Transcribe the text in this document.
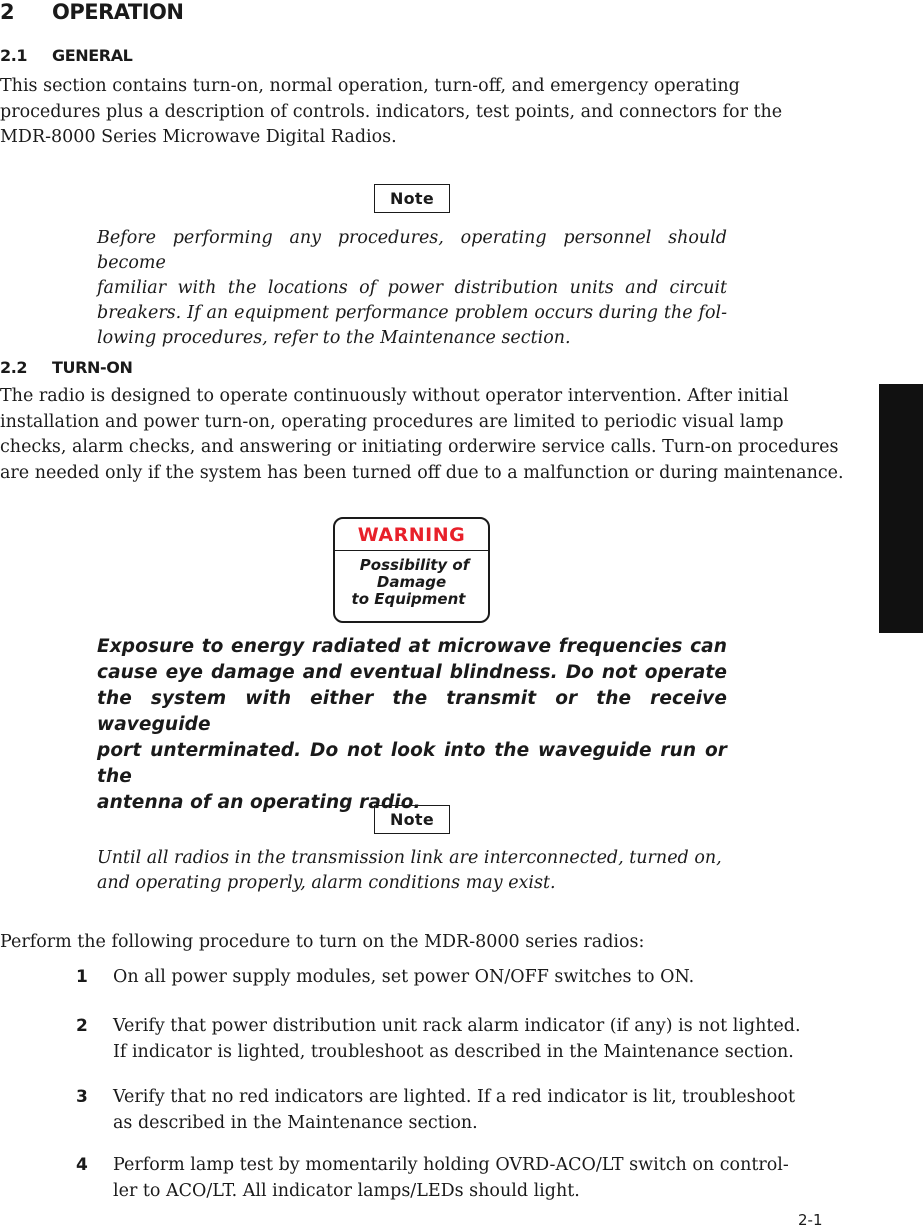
2 OPERATION
2.1 GENERAL
This section contains turn-on, normal operation, turn-off, and emergency operating
procedures plus a description of controls. indicators, test points, and connectors for the
MDR-8000 Series Microwave Digital Radios.
Note
Before performing any procedures, operating personnel should become
familiar with the locations of power distribution units and circuit
breakers. If an equipment performance problem occurs during the fol-
lowing procedures, refer to the Maintenance section.
2.2 TURN-ON
The radio is designed to operate continuously without operator intervention. After initial
installation and power turn-on, operating procedures are limited to periodic visual lamp
checks, alarm checks, and answering or initiating orderwire service calls. Turn-on procedures
are needed only if the system has been turned off due to a malfunction or during maintenance.
WARNING
Possibility of
Damage
to Equipment
Exposure to energy radiated at microwave frequencies can
cause eye damage and eventual blindness. Do not operate
the system with either the transmit or the receive waveguide
port unterminated. Do not look into the waveguide run or the
antenna of an operating radio.
Note
Until all radios in the transmission link are interconnected, turned on,
and operating properly, alarm conditions may exist.
Perform the following procedure to turn on the MDR-8000 series radios:
1 On all power supply modules, set power ON/OFF switches to ON.
2 Verify that power distribution unit rack alarm indicator (if any) is not lighted.
If indicator is lighted, troubleshoot as described in the Maintenance section.
3 Verify that no red indicators are lighted. If a red indicator is lit, troubleshoot
as described in the Maintenance section.
4 Perform lamp test by momentarily holding OVRD-ACO/LT switch on control-
ler to ACO/LT. All indicator lamps/LEDs should light.
2-1
